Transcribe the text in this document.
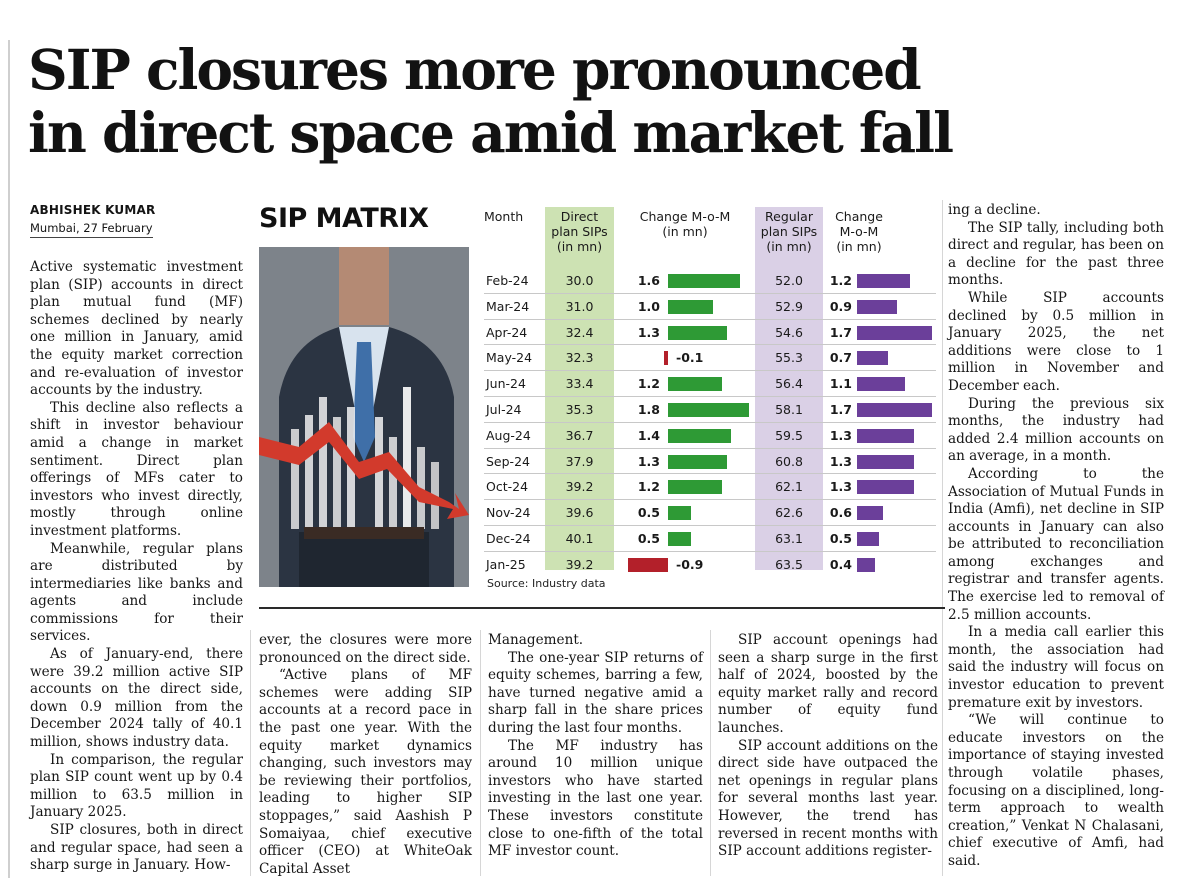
SIP closures more pronounced
in direct space amid market fall
ABHISHEK KUMAR
Mumbai, 27 February

Active systematic investment plan (SIP) accounts in direct plan mutual fund (MF) schemes declined by nearly one million in January, amid the equity market correction and re-evaluation of investor accounts by the industry.

This decline also reflects a shift in investor behaviour amid a change in market sentiment. Direct plan offerings of MFs cater to investors who invest directly, mostly through online investment platforms.

Meanwhile, regular plans are distributed by intermediaries like banks and agents and include commissions for their services.

As of January-end, there were 39.2 million active SIP accounts on the direct side, down 0.9 million from the December 2024 tally of 40.1 million, shows industry data.

In comparison, the regular plan SIP count went up by 0.4 million to 63.5 million in January 2025.

SIP closures, both in direct and regular space, had seen a sharp surge in January. How-

SIP MATRIX	Month	Direct
plan SIPs
(in mn)
Change M-o-M
(in mn)
Regular
plan SIPs
(in mn)
Change
M-o-M
(in mn)
Feb-24	30.0	1.6	52.0	1.2
Mar-24	31.0	1.0	52.9	0.9
Apr-24	32.4	1.3	54.6	1.7
May-24	32.3	-0.1	55.3	0.7
Jun-24	33.4	1.2	56.4	1.1
Jul-24	35.3	1.8	58.1	1.7
Aug-24	36.7	1.4	59.5	1.3
Sep-24	37.9	1.3	60.8	1.3
Oct-24	39.2	1.2	62.1	1.3
Nov-24	39.6	0.5	62.6	0.6
Dec-24	40.1	0.5	63.1	0.5
Jan-25	39.2	-0.9	63.5	0.4
Source: Industry data

ever, the closures were more pronounced on the direct side.

“Active plans of MF schemes were adding SIP accounts at a record pace in the past one year. With the equity market dynamics changing, such investors may be reviewing their portfolios, leading to higher SIP stoppages,” said Aashish P Somaiyaa, chief executive officer (CEO) at WhiteOak Capital Asset

Management.

The one-year SIP returns of equity schemes, barring a few, have turned negative amid a sharp fall in the share prices during the last four months.

The MF industry has around 10 million unique investors who have started investing in the last one year. These investors constitute close to one-fifth of the total MF investor count.

SIP account openings had seen a sharp surge in the first half of 2024, boosted by the equity market rally and record number of equity fund launches.

SIP account additions on the direct side have outpaced the net openings in regular plans for several months last year. However, the trend has reversed in recent months with SIP account additions register-

ing a decline.

The SIP tally, including both direct and regular, has been on a decline for the past three months.

While SIP accounts declined by 0.5 million in January 2025, the net additions were close to 1 million in November and December each.

During the previous six months, the industry had added 2.4 million accounts on an average, in a month.

According to the Association of Mutual Funds in India (Amfi), net decline in SIP accounts in January can also be attributed to reconciliation among exchanges and registrar and transfer agents. The exercise led to removal of 2.5 million accounts.

In a media call earlier this month, the association had said the industry will focus on investor education to prevent premature exit by investors.

“We will continue to educate investors on the importance of staying invested through volatile phases, focusing on a disciplined, long-term approach to wealth creation,” Venkat N Chalasani, chief executive of Amfi, had said.
